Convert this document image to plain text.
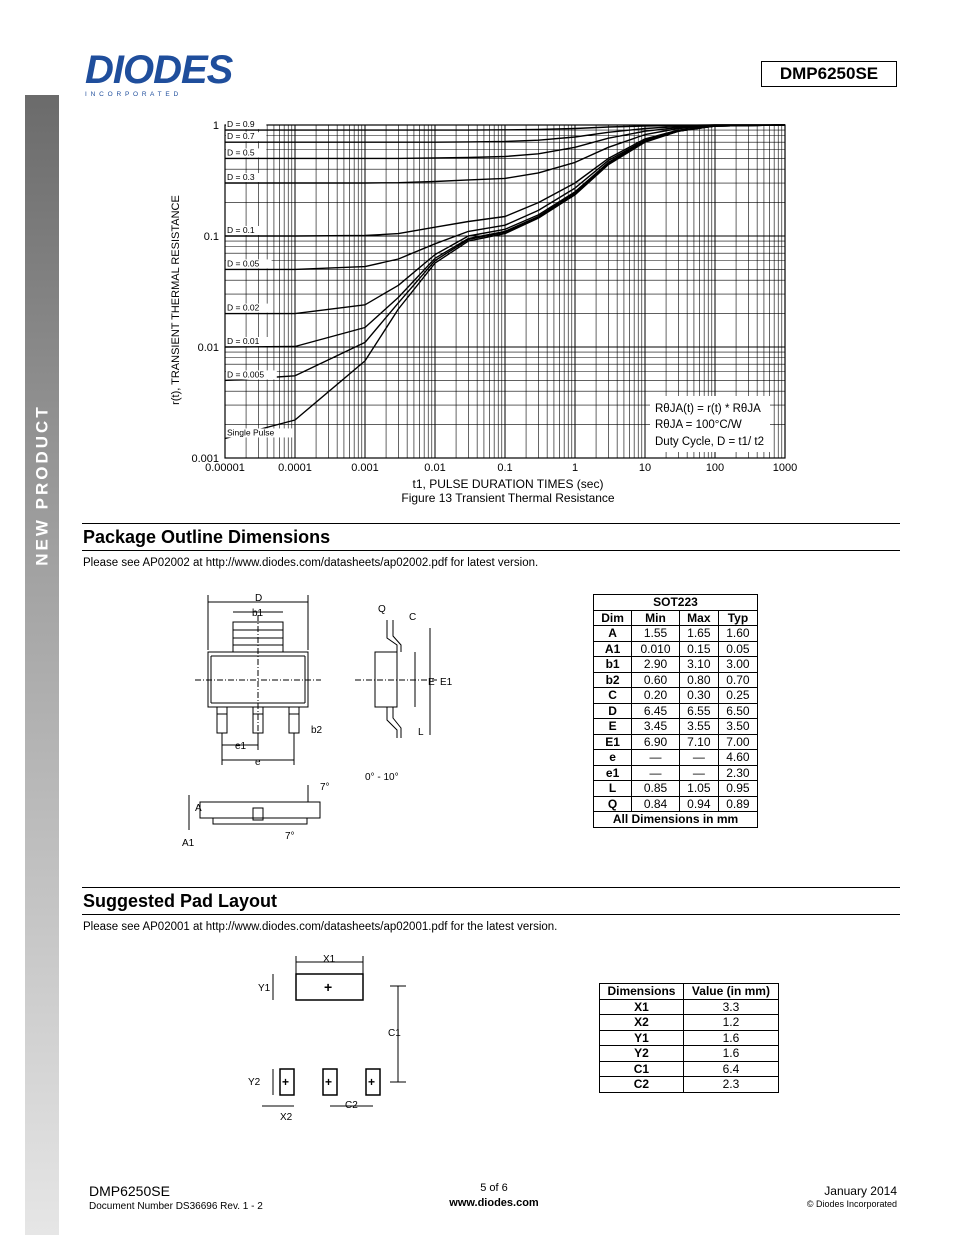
NEW PRODUCT
DIODES
I N C O R P O R A T E D
DMP6250SE
0.00001	0.0001	0.001	0.01	0.1	1	10	100	1000
0.001
0.01
0.1
1 D = 0.9
D = 0.7
D = 0.5
D = 0.3
D = 0.1
D = 0.05
D = 0.02
D = 0.01
D = 0.005
Single Pulse
r(t), TRANSIENT THERMAL RESISTANCE
t1, PULSE DURATION TIMES (sec)
Figure 13 Transient Thermal Resistance
RθJA(t) = r(t) * RθJA
RθJA = 100°C/W
Duty Cycle, D = t1/ t2
Package Outline Dimensions
Please see AP02002 at http://www.diodes.com/datasheets/ap02002.pdf for latest version.
D
b1
b2
e1
e
A
A1
7°
7°
E E1
Q
C
L
0° - 10°
SOT223			
Dim	Min	Max	Typ
A	1.55	1.65	1.60
A1	0.010	0.15	0.05
b1	2.90	3.10	3.00
b2	0.60	0.80	0.70
C	0.20	0.30	0.25
D	6.45	6.55	6.50
E	3.45	3.55	3.50
E1	6.90	7.10	7.00
e	—	—	4.60
e1	—	—	2.30
L	0.85	1.05	0.95
Q	0.84	0.94	0.89
All Dimensions in mm			
Suggested Pad Layout
Please see AP02001 at http://www.diodes.com/datasheets/ap02001.pdf for the latest version.
X1
+
Y1
C1
+	+	+
Y2
X2
C2
Dimensions	Value (in mm)
X1	3.3
X2	1.2
Y1	1.6
Y2	1.6
C1	6.4
C2	2.3
DMP6250SE
Document Number DS36696 Rev. 1 - 2
5 of 6
www.diodes.com
January 2014
© Diodes Incorporated
